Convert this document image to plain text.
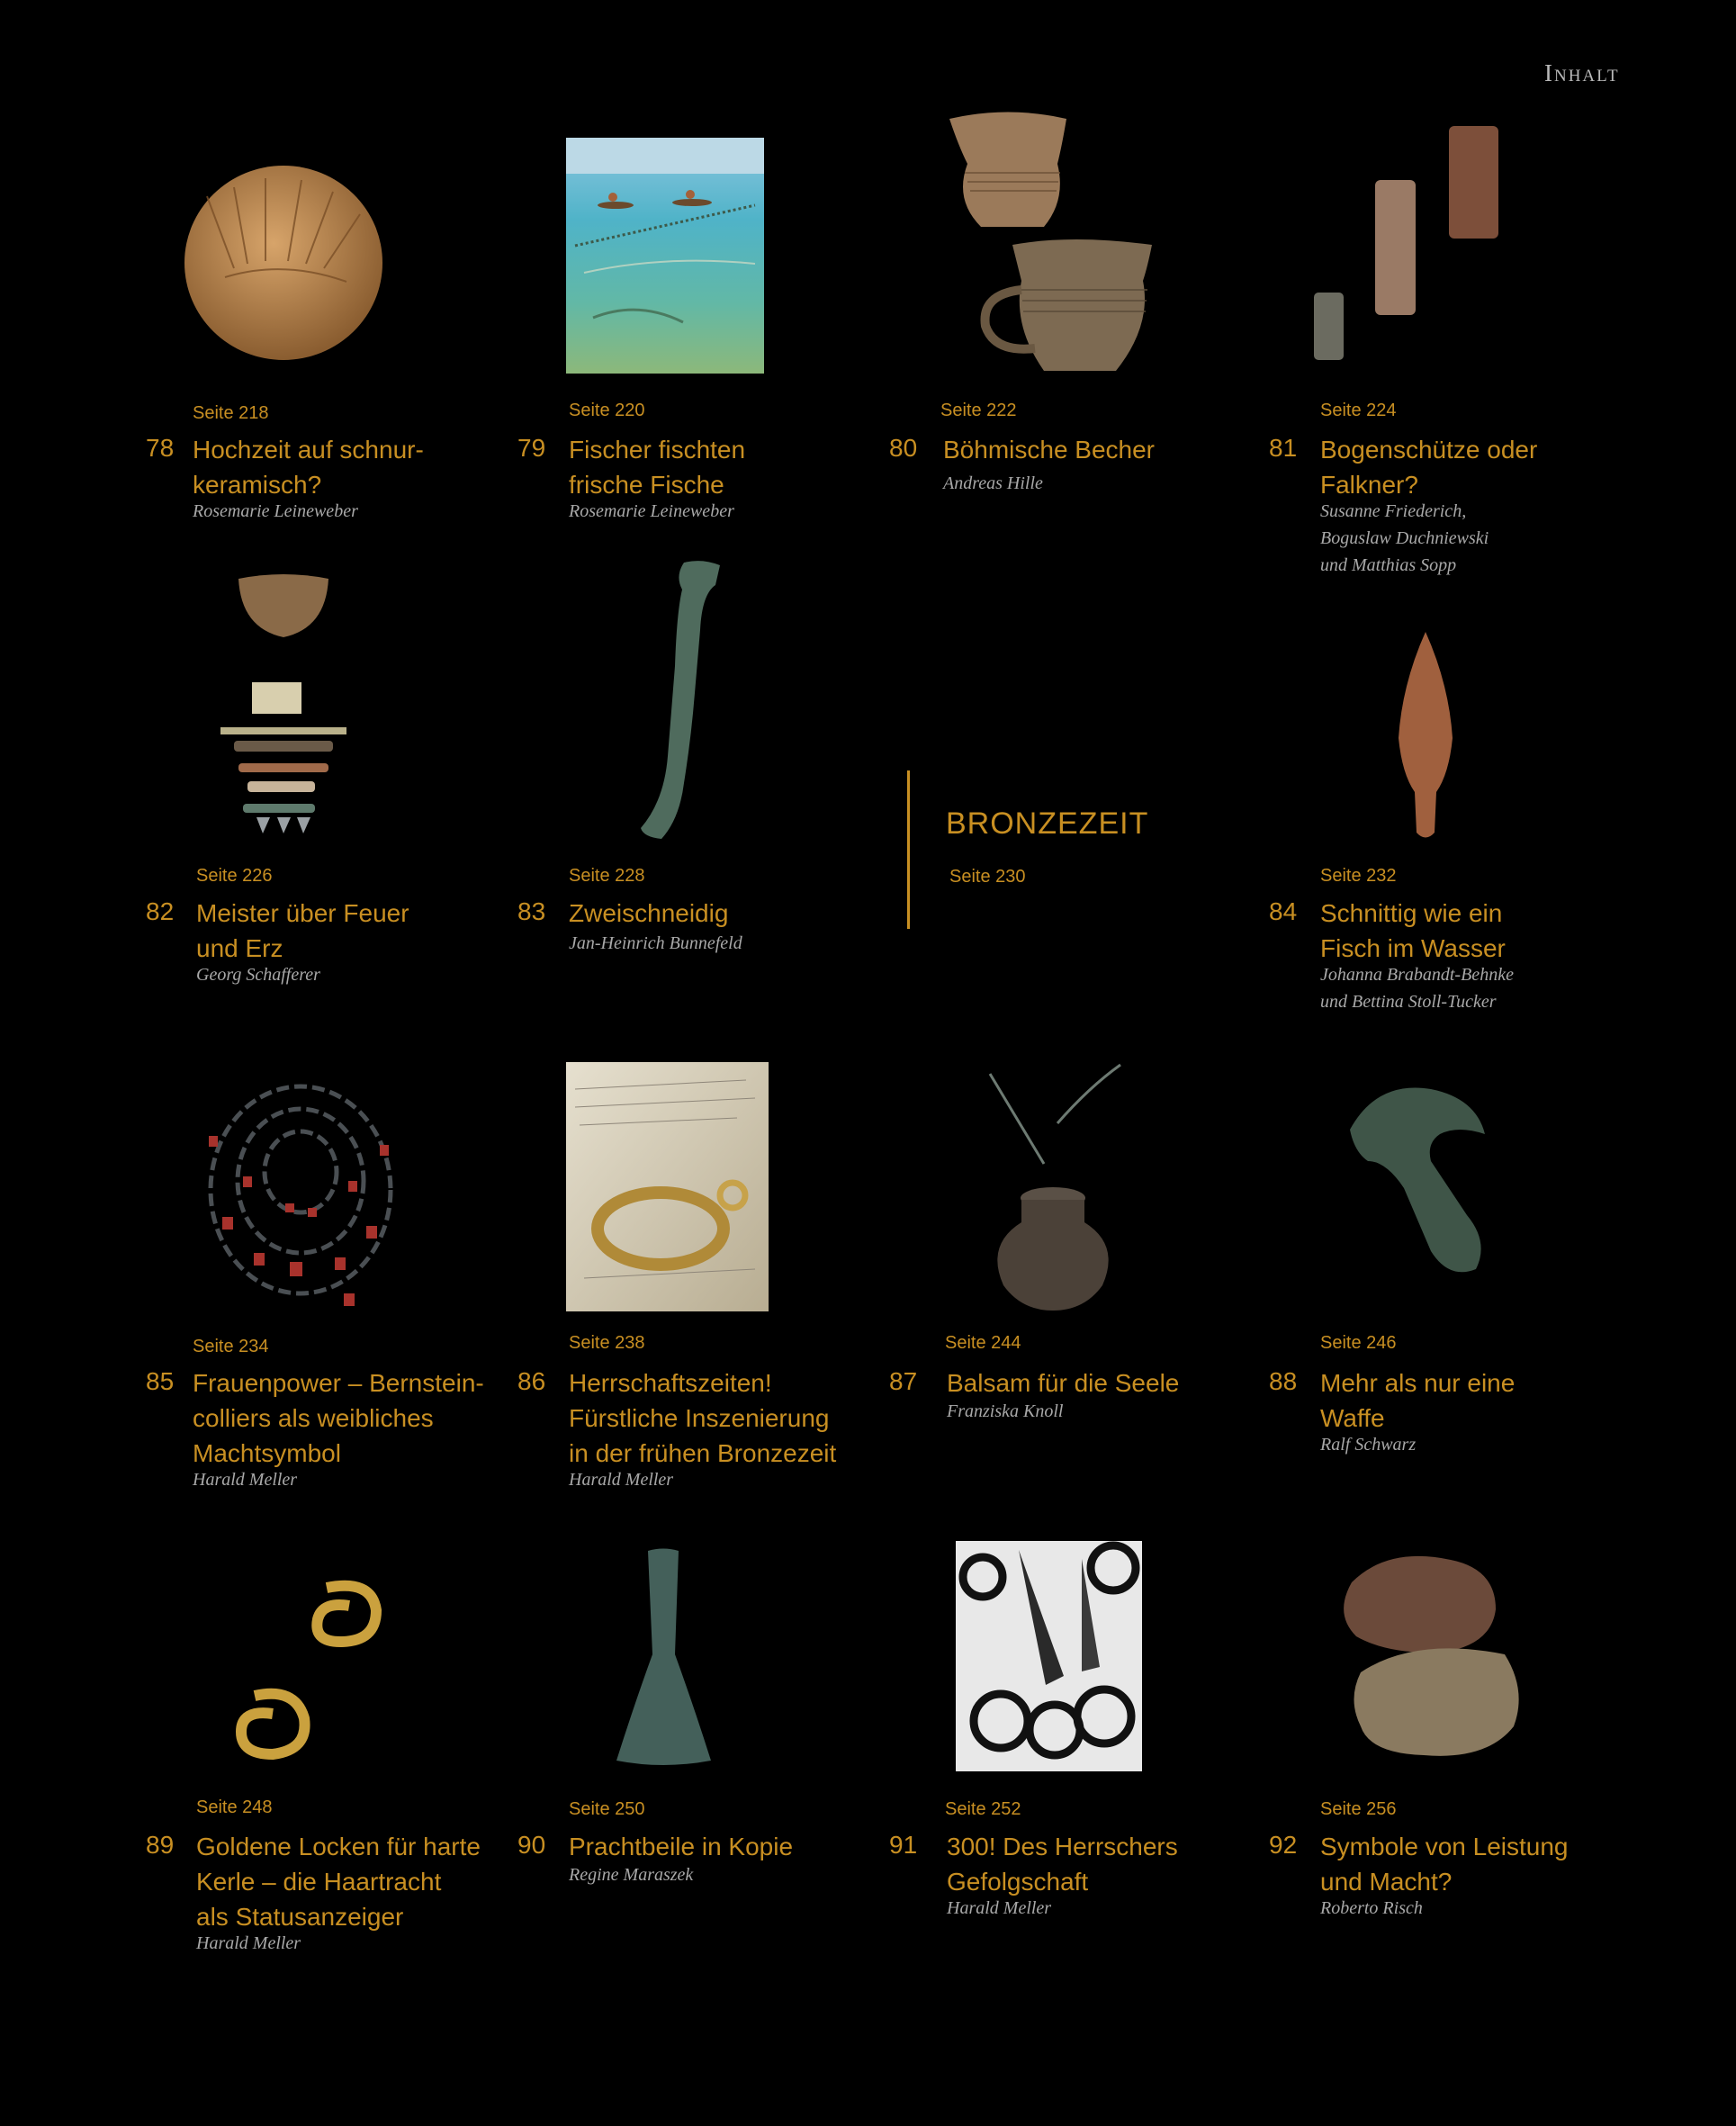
Inhalt
Seite 218
78 Hochzeit auf schnur-
keramisch?
Rosemarie Leineweber
Seite 220
79 Fischer fischten
frische Fische
Rosemarie Leineweber
Seite 222
80 Böhmische Becher
Andreas Hille
Seite 224
81 Bogenschütze oder
Falkner?
Susanne Friederich,
Boguslaw Duchniewski
und Matthias Sopp
Seite 226
82 Meister über Feuer
und Erz
Georg Schafferer
Seite 228
83 Zweischneidig
Jan-Heinrich Bunnefeld
BRONZEZEIT
Seite 230	Seite 232
84 Schnittig wie ein
Fisch im Wasser
Johanna Brabandt-Behnke
und Bettina Stoll-Tucker
Seite 234
85 Frauenpower – Bernstein-
colliers als weibliches
Machtsymbol
Harald Meller
Seite 238
86 Herrschaftszeiten!
Fürstliche Inszenierung
in der frühen Bronzezeit
Harald Meller
Seite 244
87 Balsam für die Seele
Franziska Knoll
Seite 246
88 Mehr als nur eine
Waffe
Ralf Schwarz
Seite 248
89 Goldene Locken für harte
Kerle – die Haartracht
als Statusanzeiger
Harald Meller
Seite 250
90 Prachtbeile in Kopie
Regine Maraszek
Seite 252
91 300! Des Herrschers
Gefolgschaft
Harald Meller
Seite 256
92 Symbole von Leistung
und Macht?
Roberto Risch
